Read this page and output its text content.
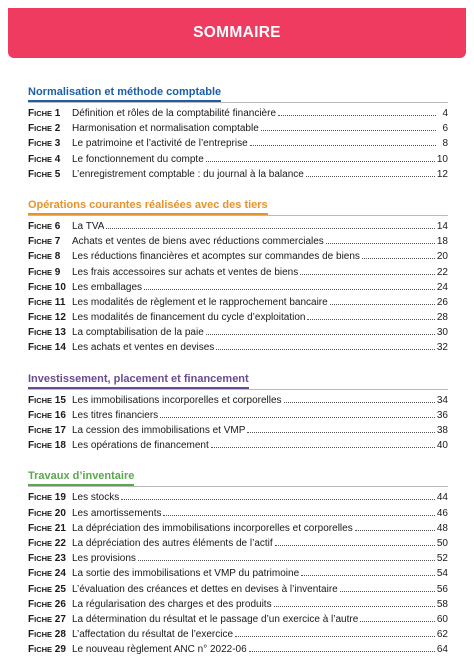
SOMMAIRE
Normalisation et méthode comptable
FICHE 1	Définition et rôles de la comptabilité financière	4
FICHE 2	Harmonisation et normalisation comptable	6
FICHE 3	Le patrimoine et l’activité de l’entreprise	8
FICHE 4	Le fonctionnement du compte	10
FICHE 5	L’enregistrement comptable : du journal à la balance	12
Opérations courantes réalisées avec des tiers
FICHE 6	La TVA	14
FICHE 7	Achats et ventes de biens avec réductions commerciales	18
FICHE 8	Les réductions financières et acomptes sur commandes de biens	20
FICHE 9	Les frais accessoires sur achats et ventes de biens	22
FICHE 10 Les emballages	24
FICHE 11 Les modalités de règlement et le rapprochement bancaire	26
FICHE 12 Les modalités de financement du cycle d’exploitation	28
FICHE 13 La comptabilisation de la paie	30
FICHE 14 Les achats et ventes en devises	32
Investissement, placement et financement
FICHE 15 Les immobilisations incorporelles et corporelles	34
FICHE 16 Les titres financiers	36
FICHE 17 La cession des immobilisations et VMP	38
FICHE 18 Les opérations de financement	40
Travaux d’inventaire
FICHE 19 Les stocks	44
FICHE 20 Les amortissements	46
FICHE 21 La dépréciation des immobilisations incorporelles et corporelles	48
FICHE 22 La dépréciation des autres éléments de l’actif	50
FICHE 23 Les provisions	52
FICHE 24 La sortie des immobilisations et VMP du patrimoine	54
FICHE 25 L’évaluation des créances et dettes en devises à l’inventaire	56
FICHE 26 La régularisation des charges et des produits	58
FICHE 27 La détermination du résultat et le passage d’un exercice à l’autre	60
FICHE 28 L’affectation du résultat de l’exercice	62
FICHE 29 Le nouveau règlement ANC n° 2022-06	64
